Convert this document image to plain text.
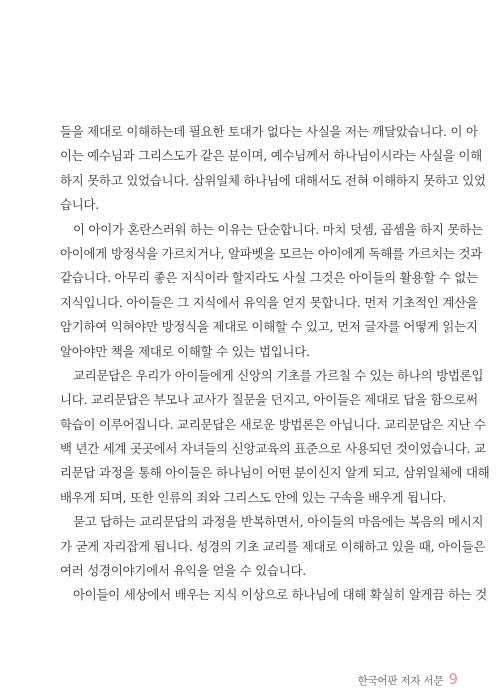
들을 제대로 이해하는데 필요한 토대가 없다는 사실을 저는 깨달았습니다. 이 아
이는 예수님과 그리스도가 같은 분이며, 예수님께서 하나님이시라는 사실을 이해
하지 못하고 있었습니다. 삼위일체 하나님에 대해서도 전혀 이해하지 못하고 있었
습니다.
이 아이가 혼란스러워 하는 이유는 단순합니다. 마치 덧셈, 곱셈을 하지 못하는
아이에게 방정식을 가르치거나, 알파벳을 모르는 아이에게 독해를 가르치는 것과
같습니다. 아무리 좋은 지식이라 할지라도 사실 그것은 아이들의 활용할 수 없는
지식입니다. 아이들은 그 지식에서 유익을 얻지 못합니다. 먼저 기초적인 계산을
암기하여 익혀야만 방정식을 제대로 이해할 수 있고, 먼저 글자를 어떻게 읽는지
알아야만 책을 제대로 이해할 수 있는 법입니다.
교리문답은 우리가 아이들에게 신앙의 기초를 가르칠 수 있는 하나의 방법론입
니다. 교리문답은 부모나 교사가 질문을 던지고, 아이들은 제대로 답을 함으로써
학습이 이루어집니다. 교리문답은 새로운 방법론은 아닙니다. 교리문답은 지난 수
백 년간 세계 곳곳에서 자녀들의 신앙교육의 표준으로 사용되던 것이었습니다. 교
리문답 과정을 통해 아이들은 하나님이 어떤 분이신지 알게 되고, 삼위일체에 대해
배우게 되며, 또한 인류의 죄와 그리스도 안에 있는 구속을 배우게 됩니다.
묻고 답하는 교리문답의 과정을 반복하면서, 아이들의 마음에는 복음의 메시지
가 굳게 자리잡게 됩니다. 성경의 기초 교리를 제대로 이해하고 있을 때, 아이들은
여러 성경이야기에서 유익을 얻을 수 있습니다.
아이들이 세상에서 배우는 지식 이상으로 하나님에 대해 확실히 알게끔 하는 것
한국어판 저자 서문 9
